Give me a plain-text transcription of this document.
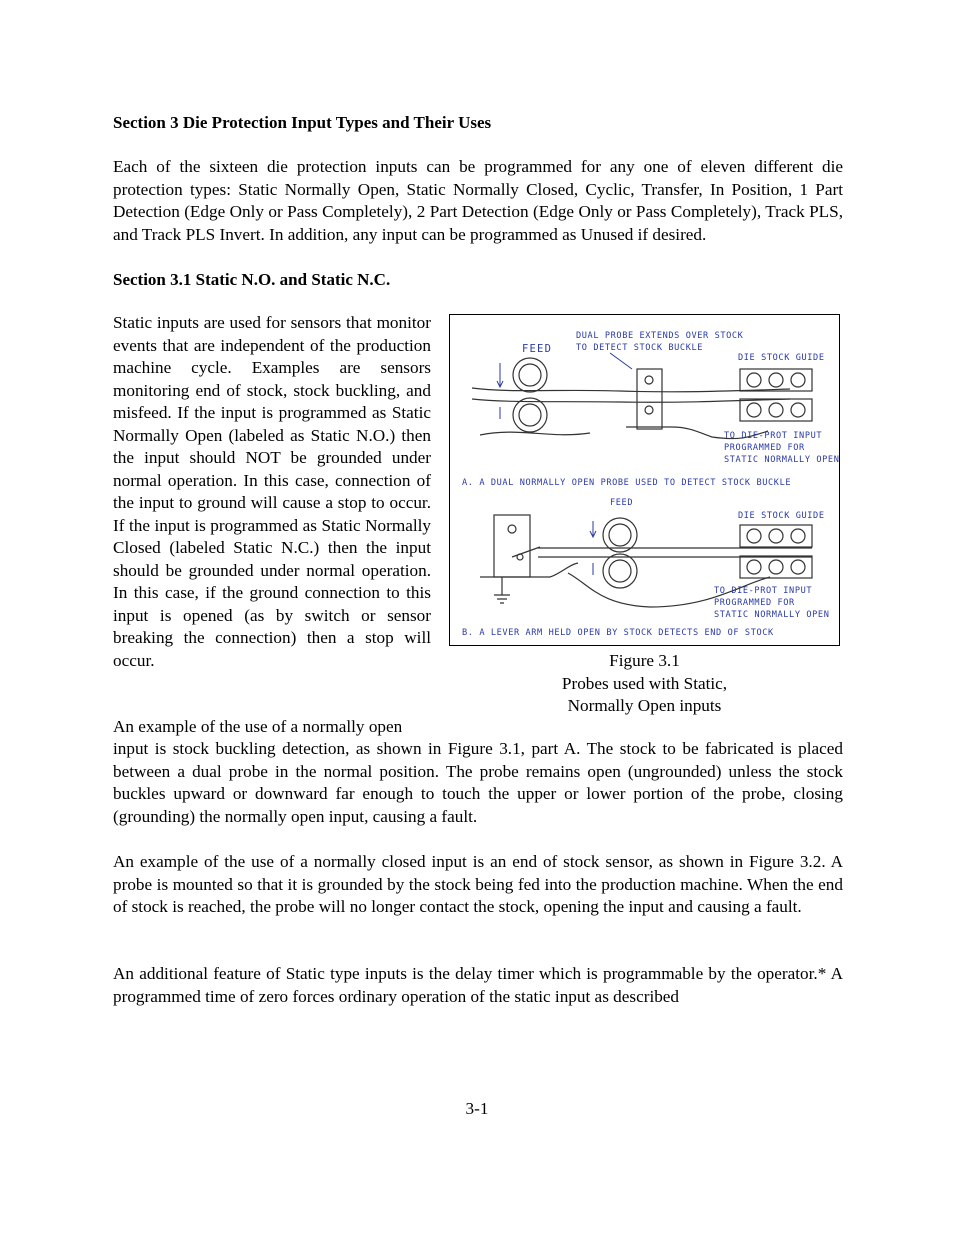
Section 3 Die Protection Input Types and Their Uses

Each of the sixteen die protection inputs can be programmed for any one of eleven different die protection types: Static Normally Open, Static Normally Closed, Cyclic, Transfer, In Position, 1 Part Detection (Edge Only or Pass Completely), 2 Part Detection (Edge Only or Pass Completely), Track PLS, and Track PLS Invert. In addition, any input can be programmed as Unused if desired.

Section 3.1 Static N.O. and Static N.C.

Static inputs are used for sensors that monitor events that are independent of the production machine cycle. Examples are sensors monitoring end of stock, stock buckling, and misfeed. If the input is programmed as Static Normally Open (labeled as Static N.O.) then the input should NOT be grounded under normal operation. In this case, connection of the input to ground will cause a stop to occur. If the input is programmed as Static Normally Closed (labeled Static N.C.) then the input should be grounded under normal operation. In this case, if the ground connection to this input is opened (as by switch or sensor breaking the connection) then a stop will occur.

An example of the use of a normally open

input is stock buckling detection, as shown in Figure 3.1, part A. The stock to be fabricated is placed between a dual probe in the normal position. The probe remains open (ungrounded) unless the stock buckles upward or downward far enough to touch the upper or lower portion of the probe, closing (grounding) the normally open input, causing a fault.

An example of the use of a normally closed input is an end of stock sensor, as shown in Figure 3.2. A probe is mounted so that it is grounded by the stock being fed into the production machine. When the end of stock is reached, the probe will no longer contact the stock, opening the input and causing a fault.

An additional feature of Static type inputs is the delay timer which is programmable by the operator.* A programmed time of zero forces ordinary operation of the static input as described

FEED
DUAL PROBE EXTENDS OVER STOCK
TO DETECT STOCK BUCKLE
DIE STOCK GUIDE
TO DIE-PROT INPUT
PROGRAMMED FOR
STATIC NORMALLY OPEN
A. A DUAL NORMALLY OPEN PROBE USED TO DETECT STOCK BUCKLE
FEED
DIE STOCK GUIDE
TO DIE-PROT INPUT
PROGRAMMED FOR
STATIC NORMALLY OPEN
B. A LEVER ARM HELD OPEN BY STOCK DETECTS END OF STOCK
Figure 3.1
Probes used with Static,
Normally Open inputs
3-1
